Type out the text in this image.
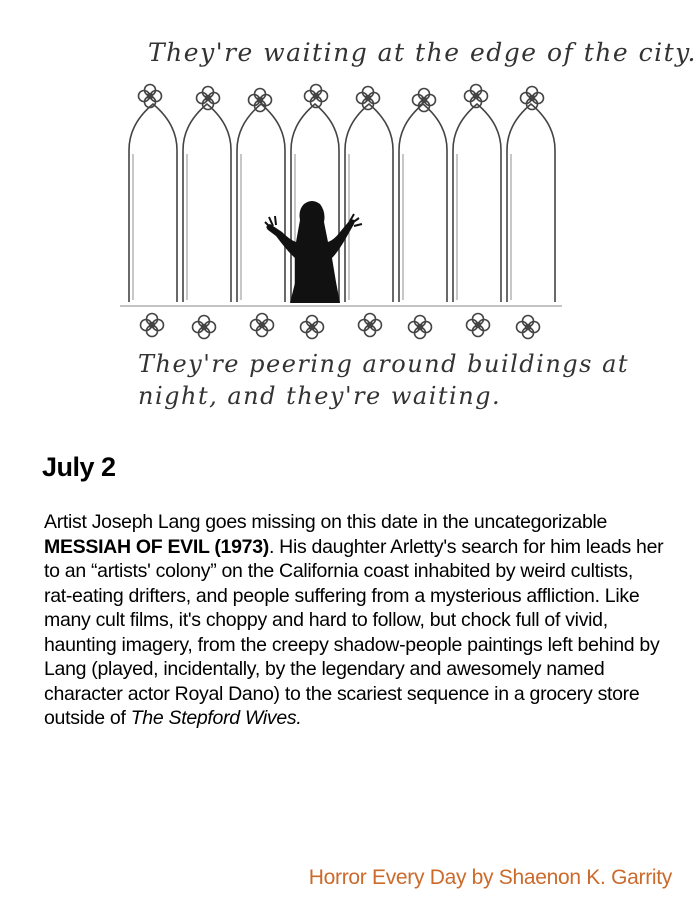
They're waiting at the edge of the city.
They're peering around buildings at
night, and they're waiting.
July 2

Artist Joseph Lang goes missing on this date in the uncategorizable MESSIAH OF EVIL (1973). His daughter Arletty's search for him leads her to an “artists' colony” on the California coast inhabited by weird cultists, rat-eating drifters, and people suffering from a mysterious affliction. Like many cult films, it's choppy and hard to follow, but chock full of vivid, haunting imagery, from the creepy shadow-people paintings left behind by Lang (played, incidentally, by the legendary and awesomely named character actor Royal Dano) to the scariest sequence in a grocery store outside of The Stepford Wives.

Horror Every Day by Shaenon K. Garrity
